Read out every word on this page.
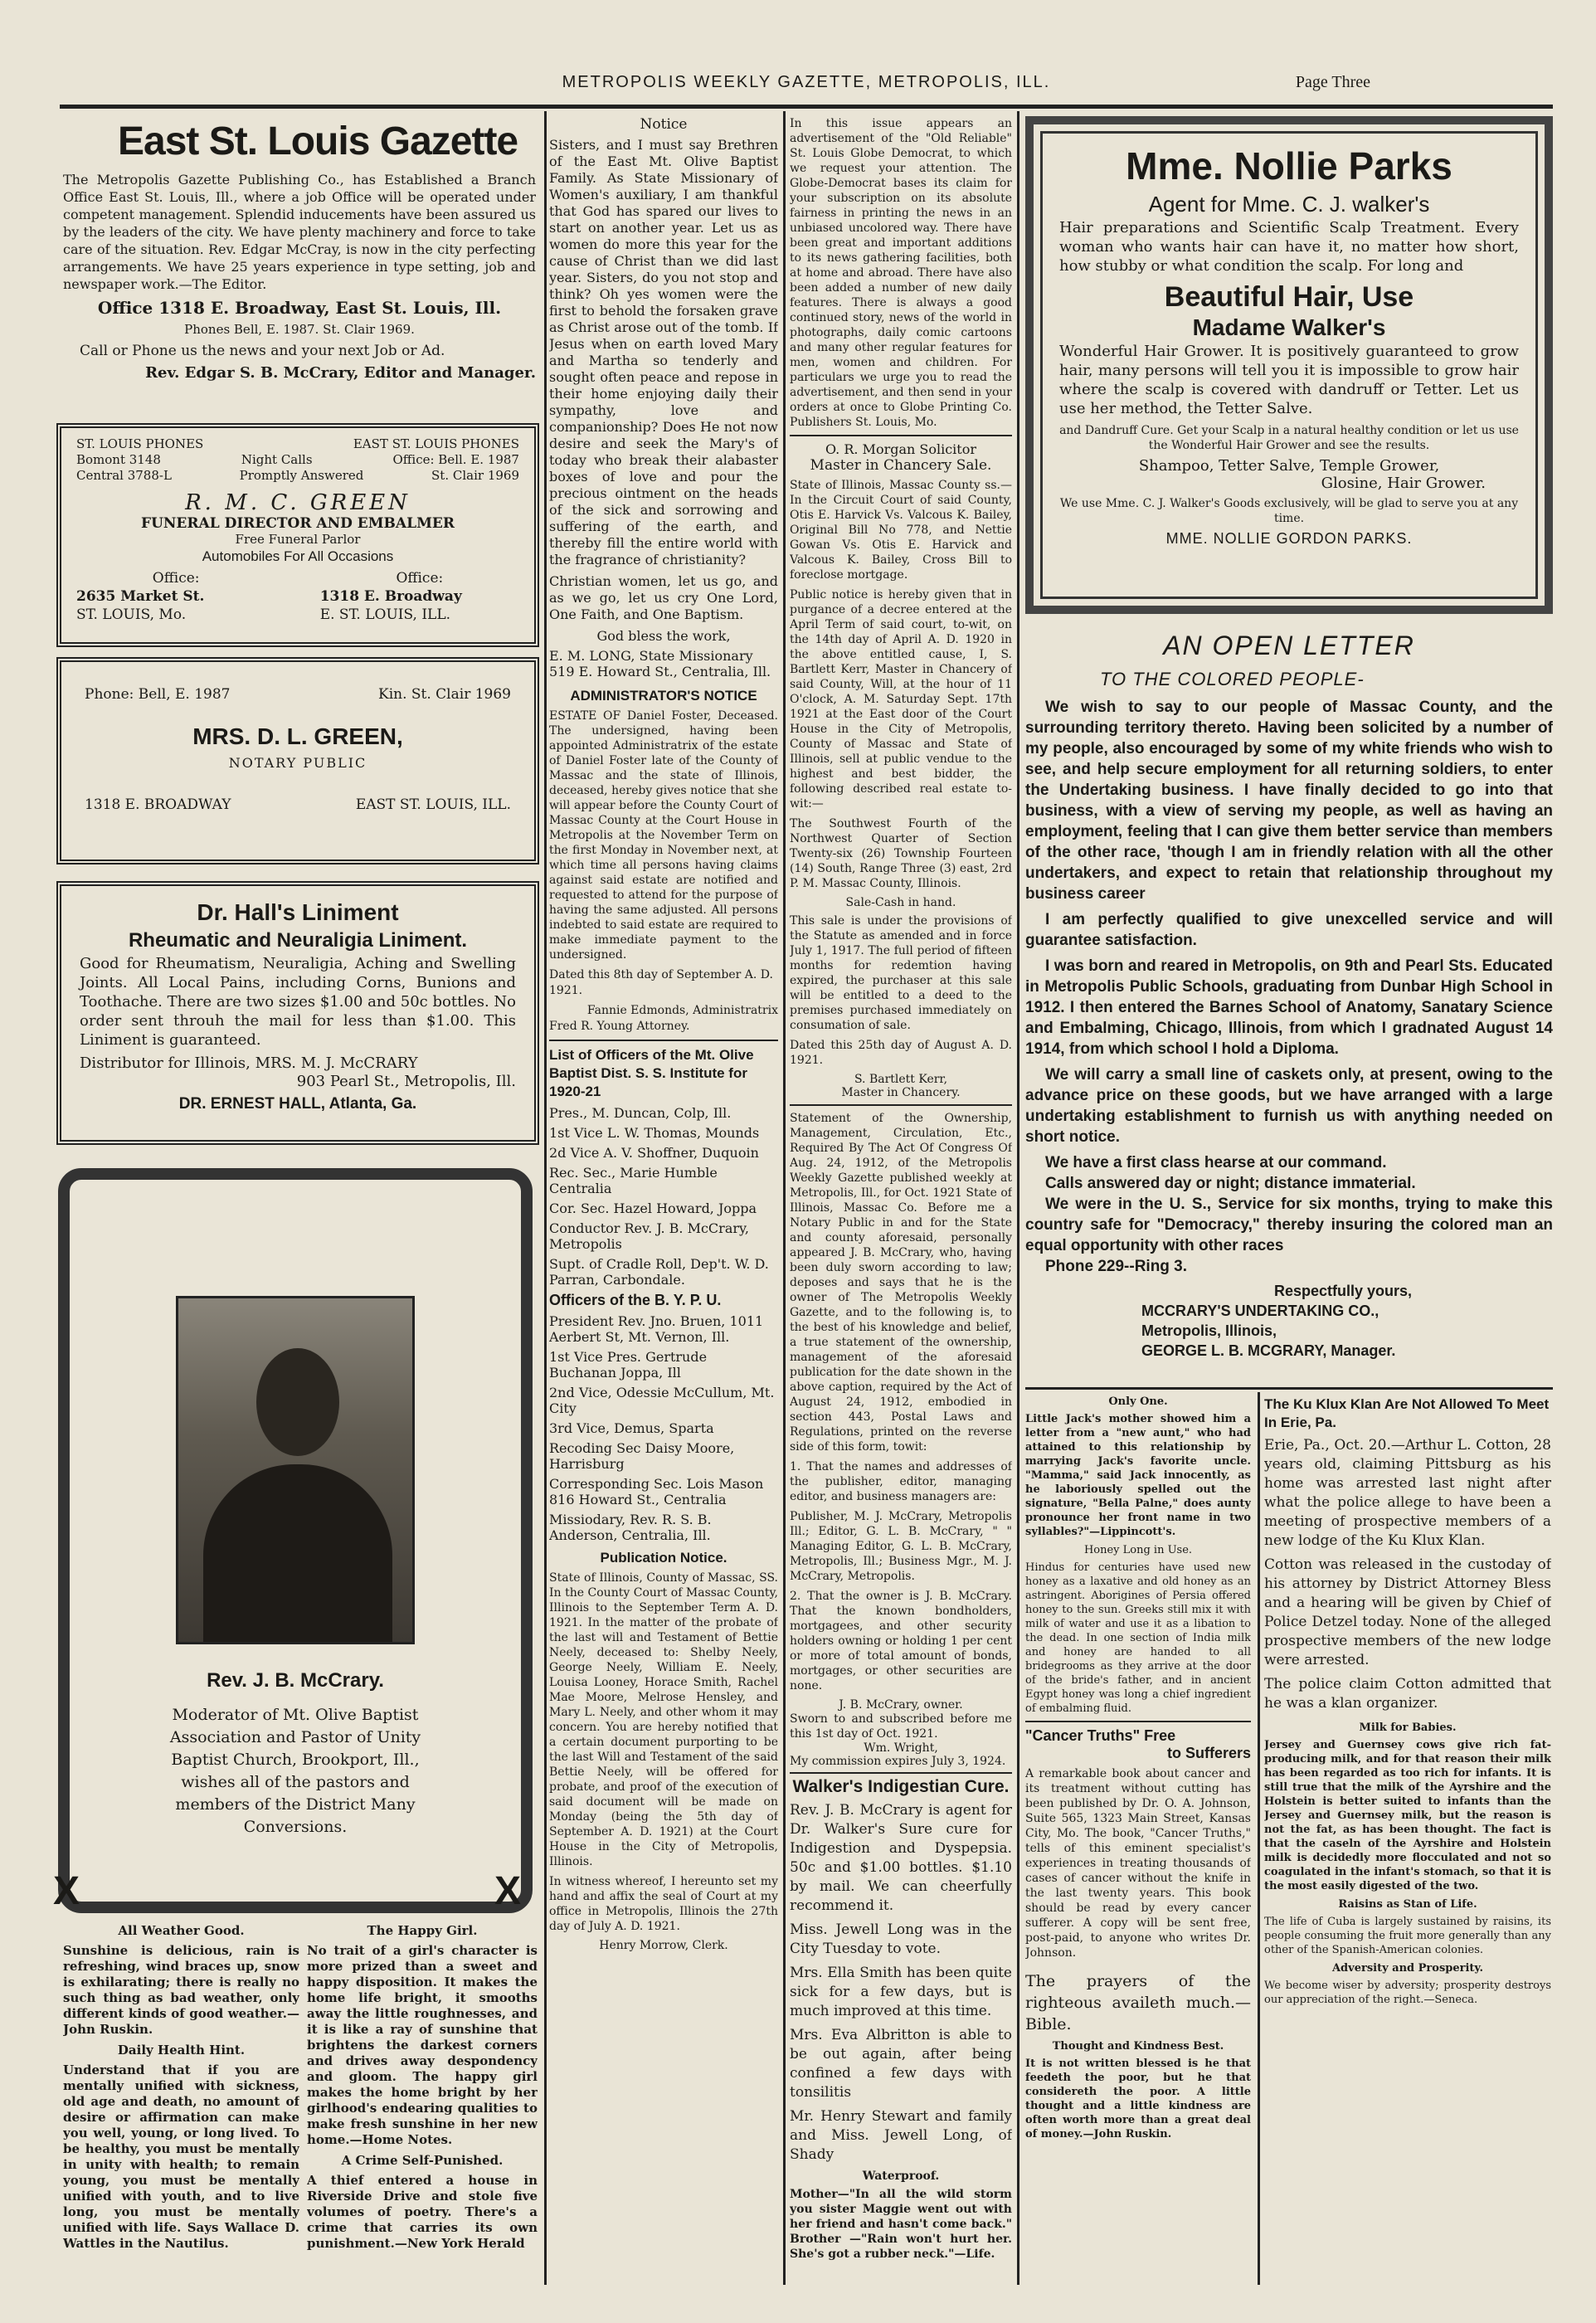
METROPOLIS WEEKLY GAZETTE, METROPOLIS, ILL.	Page Three
East St. Louis Gazette

The Metropolis Gazette Publishing Co., has Established a Branch Office East St. Louis, Ill., where a job Office will be operated under competent management. Splendid inducements have been assured us by the leaders of the city. We have plenty machinery and force to take care of the situation. Rev. Edgar McCray, is now in the city perfecting arrangements. We have 25 years experience in type setting, job and newspaper work.—The Editor.

Office 1318 E. Broadway, East St. Louis, Ill.

Phones Bell, E. 1987. St. Clair 1969.

Call or Phone us the news and your next Job or Ad.

Rev. Edgar S. B. McCrary, Editor and Manager.

ST. LOUIS PHONES	EAST ST. LOUIS PHONES
Bomont 3148	Night Calls	Office: Bell. E. 1987
Central 3788-L	Promptly Answered	St. Clair 1969
R. M. C. GREEN
FUNERAL DIRECTOR AND EMBALMER
Free Funeral Parlor
Automobiles For All Occasions
Office:
2635 Market St.
ST. LOUIS, Mo.
Office:
1318 E. Broadway
E. ST. LOUIS, ILL.
Phone: Bell, E. 1987	Kin. St. Clair 1969
MRS. D. L. GREEN,
NOTARY PUBLIC
1318 E. BROADWAY	EAST ST. LOUIS, ILL.
Dr. Hall's Liniment
Rheumatic and Neuraligia Liniment.

Good for Rheumatism, Neuraligia, Aching and Swelling Joints. All Local Pains, including Corns, Bunions and Toothache. There are two sizes $1.00 and 50c bottles. No order sent throuh the mail for less than $1.00. This Liniment is guaranteed.

Distributor for Illinois, MRS. M. J. McCRARY

903 Pearl St., Metropolis, Ill.

DR. ERNEST HALL, Atlanta, Ga.

Rev. J. B. McCrary.
Moderator of Mt. Olive Baptist Association and Pastor of Unity Baptist Church, Brookport, Ill., wishes all of the pastors and members of the District Many Conversions.
X	X

All Weather Good.

Sunshine is delicious, rain is refreshing, wind braces up, snow is exhilarating; there is really no such thing as bad weather, only different kinds of good weather.—John Ruskin.

Daily Health Hint.

Understand that if you are mentally unified with sickness, old age and death, no amount of desire or affirmation can make you well, young, or long lived. To be healthy, you must be mentally in unity with health; to remain young, you must be mentally unified with youth, and to live long, you must be mentally unified with life. Says Wallace D. Wattles in the Nautilus.

The Happy Girl.

No trait of a girl's character is more prized than a sweet and happy disposition. It makes the home life bright, it smooths away the little roughnesses, and it is like a ray of sunshine that brightens the darkest corners and drives away despondency and gloom. The happy girl makes the home bright by her girlhood's endearing qualities to make fresh sunshine in her new home.—Home Notes.

A Crime Self-Punished.

A thief entered a house in Riverside Drive and stole five volumes of poetry. There's a crime that carries its own punishment.—New York Herald

Notice

Sisters, and I must say Brethren of the East Mt. Olive Baptist Family. As State Missionary of Women's auxiliary, I am thankful that God has spared our lives to start on another year. Let us as women do more this year for the cause of Christ than we did last year. Sisters, do you not stop and think? Oh yes women were the first to behold the forsaken grave as Christ arose out of the tomb. If Jesus when on earth loved Mary and Martha so tenderly and sought often peace and repose in their home enjoying daily their sympathy, love and companionship? Does He not now desire and seek the Mary's of today who break their alabaster boxes of love and pour the precious ointment on the heads of the sick and sorrowing and suffering of the earth, and thereby fill the entire world with the fragrance of christianity?

Christian women, let us go, and as we go, let us cry One Lord, One Faith, and One Baptism.

God bless the work,

E. M. LONG, State Missionary

519 E. Howard St., Centralia, Ill.

ADMINISTRATOR'S NOTICE

ESTATE OF Daniel Foster, Deceased. The undersigned, having been appointed Administratrix of the estate of Daniel Foster late of the County of Massac and the state of Illinois, deceased, hereby gives notice that she will appear before the County Court of Massac County at the Court House in Metropolis at the November Term on the first Monday in November next, at which time all persons having claims against said estate are notified and requested to attend for the purpose of having the same adjusted. All persons indebted to said estate are required to make immediate payment to the undersigned.

Dated this 8th day of September A. D. 1921.

Fannie Edmonds, Administratrix

Fred R. Young Attorney.

List of Officers of the Mt. Olive Baptist Dist. S. S. Institute for 1920-21

Pres., M. Duncan, Colp, Ill.

1st Vice L. W. Thomas, Mounds

2d Vice A. V. Shoffner, Duquoin

Rec. Sec., Marie Humble Centralia

Cor. Sec. Hazel Howard, Joppa

Conductor Rev. J. B. McCrary, Metropolis

Supt. of Cradle Roll, Dep't. W. D. Parran, Carbondale.

Officers of the B. Y. P. U.

President Rev. Jno. Bruen, 1011 Aerbert St, Mt. Vernon, Ill.

1st Vice Pres. Gertrude Buchanan Joppa, Ill

2nd Vice, Odessie McCullum, Mt. City

3rd Vice, Demus, Sparta

Recoding Sec Daisy Moore, Harrisburg

Corresponding Sec. Lois Mason 816 Howard St., Centralia

Missiodary, Rev. R. S. B. Anderson, Centralia, Ill.

Publication Notice.

State of Illinois, County of Massac, SS. In the County Court of Massac County, Illinois to the September Term A. D. 1921. In the matter of the probate of the last will and Testament of Bettie Neely, deceased to: Shelby Neely, George Neely, William E. Neely, Louisa Looney, Horace Smith, Rachel Mae Moore, Melrose Hensley, and Mary L. Neely, and other whom it may concern. You are hereby notified that a certain document purporting to be the last Will and Testament of the said Bettie Neely, will be offered for probate, and proof of the execution of said document will be made on Monday (being the 5th day of September A. D. 1921) at the Court House in the City of Metropolis, Illinois.

In witness whereof, I hereunto set my hand and affix the seal of Court at my office in Metropolis, Illinois the 27th day of July A. D. 1921.

Henry Morrow, Clerk.

In this issue appears an advertisement of the "Old Reliable" St. Louis Globe Democrat, to which we request your attention. The Globe-Democrat bases its claim for your subscription on its absolute fairness in printing the news in an unbiased uncolored way. There have been great and important additions to its news gathering facilities, both at home and abroad. There have also been added a number of new daily features. There is always a good continued story, news of the world in photographs, daily comic cartoons and many other regular features for men, women and children. For particulars we urge you to read the advertisement, and then send in your orders at once to Globe Printing Co. Publishers St. Louis, Mo.

O. R. Morgan Solicitor

Master in Chancery Sale.

State of Illinois, Massac County ss.— In the Circuit Court of said County, Otis E. Harvick Vs. Valcous K. Bailey, Original Bill No 778, and Nettie Gowan Vs. Otis E. Harvick and Valcous K. Bailey, Cross Bill to foreclose mortgage.

Public notice is hereby given that in purgance of a decree entered at the April Term of said court, to-wit, on the 14th day of April A. D. 1920 in the above entitled cause, I, S. Bartlett Kerr, Master in Chancery of said County, Will, at the hour of 11 O'clock, A. M. Saturday Sept. 17th 1921 at the East door of the Court House in the City of Metropolis, County of Massac and State of Illinois, sell at public vendue to the highest and best bidder, the following described real estate to-wit:—

The Southwest Fourth of the Northwest Quarter of Section Twenty-six (26) Township Fourteen (14) South, Range Three (3) east, 2rd P. M. Massac County, Illinois.

Sale-Cash in hand.

This sale is under the provisions of the Statute as amended and in force July 1, 1917. The full period of fifteen months for redemtion having expired, the purchaser at this sale will be entitled to a deed to the premises purchased immediately on consumation of sale.

Dated this 25th day of August A. D. 1921.

S. Bartlett Kerr,

Master in Chancery.

Statement of the Ownership, Management, Circulation, Etc., Required By The Act Of Congress Of Aug. 24, 1912, of the Metropolis Weekly Gazette published weekly at Metropolis, Ill., for Oct. 1921 State of Illinois, Massac Co. Before me a Notary Public in and for the State and county aforesaid, personally appeared J. B. McCrary, who, having been duly sworn according to law; deposes and says that he is the owner of The Metropolis Weekly Gazette, and to the following is, to the best of his knowledge and belief, a true statement of the ownership, management of the aforesaid publication for the date shown in the above caption, required by the Act of August 24, 1912, embodied in section 443, Postal Laws and Regulations, printed on the reverse side of this form, towit:

1. That the names and addresses of the publisher, editor, managing editor, and business managers are:

Publisher, M. J. McCrary, Metropolis Ill.; Editor, G. L. B. McCrary, " " Managing Editor, G. L. B. McCrary, Metropolis, Ill.; Business Mgr., M. J. McCrary, Metropolis.

2. That the owner is J. B. McCrary. That the known bondholders, mortgagees, and other security holders owning or holding 1 per cent or more of total amount of bonds, mortgages, or other securities are none.

J. B. McCrary, owner.

Sworn to and subscribed before me this 1st day of Oct. 1921.

Wm. Wright,

My commission expires July 3, 1924.

Walker's Indigestian Cure.

Rev. J. B. McCrary is agent for Dr. Walker's Sure cure for Indigestion and Dyspepsia. 50c and $1.00 bottles. $1.10 by mail. We can cheerfully recommend it.

Miss. Jewell Long was in the City Tuesday to vote.

Mrs. Ella Smith has been quite sick for a few days, but is much improved at this time.

Mrs. Eva Albritton is able to be out again, after being confined a few days with tonsilitis

Mr. Henry Stewart and family and Miss. Jewell Long, of Shady

Waterproof.

Mother—"In all the wild storm you sister Maggie went out with her friend and hasn't come back." Brother —"Rain won't hurt her. She's got a rubber neck."—Life.

Mme. Nollie Parks
Agent for Mme. C. J. walker's

Hair preparations and Scientific Scalp Treatment. Every woman who wants hair can have it, no matter how short, how stubby or what condition the scalp. For long and

Beautiful Hair, Use
Madame Walker's

Wonderful Hair Grower. It is positively guaranteed to grow hair, many persons will tell you it is impossible to grow hair where the scalp is covered with dandruff or Tetter. Let us use her method, the Tetter Salve.

and Dandruff Cure. Get your Scalp in a natural healthy condition or let us use the Wonderful Hair Grower and see the results.

Shampoo, Tetter Salve, Temple Grower,

Glosine, Hair Grower.

We use Mme. C. J. Walker's Goods exclusively, will be glad to serve you at any time.

MME. NOLLIE GORDON PARKS.

AN OPEN LETTER
TO THE COLORED PEOPLE-

We wish to say to our people of Massac County, and the surrounding territory thereto. Having been solicited by a number of my people, also encouraged by some of my white friends who wish to see, and help secure employment for all returning soldiers, to enter the Undertaking business. I have finally decided to go into that business, with a view of serving my people, as well as having an employment, feeling that I can give them better service than members of the other race, 'though I am in friendly relation with all the other undertakers, and expect to retain that relationship throughout my business career

I am perfectly qualified to give unexcelled service and will guarantee satisfaction.

I was born and reared in Metropolis, on 9th and Pearl Sts. Educated in Metropolis Public Schools, graduating from Dunbar High School in 1912. I then entered the Barnes School of Anatomy, Sanatary Science and Embalming, Chicago, Illinois, from which I gradnated August 14 1914, from which school I hold a Diploma.

We will carry a small line of caskets only, at present, owing to the advance price on these goods, but we have arranged with a large undertaking establishment to furnish us with anything needed on short notice.

We have a first class hearse at our command.

Calls answered day or night; distance immaterial.

We were in the U. S., Service for six months, trying to make this country safe for "Democracy," thereby insuring the colored man an equal opportunity with other races

Phone 229--Ring 3.

Respectfully yours,

MCCRARY'S UNDERTAKING CO.,

Metropolis, Illinois,

GEORGE L. B. MCGRARY, Manager.

Only One.

Little Jack's mother showed him a letter from a "new aunt," who had attained to this relationship by marrying Jack's favorite uncle. "Mamma," said Jack innocently, as he laboriously spelled out the signature, "Bella Palne," does aunty pronounce her front name in two syllables?"—Lippincott's.

Honey Long in Use.

Hindus for centuries have used new honey as a laxative and old honey as an astringent. Aborigines of Persia offered honey to the sun. Greeks still mix it with milk of water and use it as a libation to the dead. In one section of India milk and honey are handed to all bridegrooms as they arrive at the door of the bride's father, and in ancient Egypt honey was long a chief ingredient of embalming fluid.

"Cancer Truths" Free

to Sufferers

A remarkable book about cancer and its treatment without cutting has been published by Dr. O. A. Johnson, Suite 565, 1323 Main Street, Kansas City, Mo. The book, "Cancer Truths," tells of this eminent specialist's experiences in treating thousands of cases of cancer without the knife in the last twenty years. This book should be read by every cancer sufferer. A copy will be sent free, post-paid, to anyone who writes Dr. Johnson.

The prayers of the righteous availeth much.—Bible.

Thought and Kindness Best.

It is not written blessed is he that feedeth the poor, but he that considereth the poor. A little thought and a little kindness are often worth more than a great deal of money.—John Ruskin.

The Ku Klux Klan Are Not Allowed To Meet In Erie, Pa.

Erie, Pa., Oct. 20.—Arthur L. Cotton, 28 years old, claiming Pittsburg as his home was arrested last night after what the police allege to have been a meeting of prospective members of a new lodge of the Ku Klux Klan.

Cotton was released in the custoday of his attorney by District Attorney Bless and a hearing will be given by Chief of Police Detzel today. None of the alleged prospective members of the new lodge were arrested.

The police claim Cotton admitted that he was a klan organizer.

Milk for Babies.

Jersey and Guernsey cows give rich fat-producing milk, and for that reason their milk has been regarded as too rich for infants. It is still true that the milk of the Ayrshire and the Holstein is better suited to infants than the Jersey and Guernsey milk, but the reason is not the fat, as has been thought. The fact is that the caseln of the Ayrshire and Holstein milk is decidedly more flocculated and not so coagulated in the infant's stomach, so that it is the most easily digested of the two.

Raisins as Stan of Life.

The life of Cuba is largely sustained by raisins, its people consuming the fruit more generally than any other of the Spanish-American colonies.

Adversity and Prosperity.

We become wiser by adversity; prosperity destroys our appreciation of the right.—Seneca.
